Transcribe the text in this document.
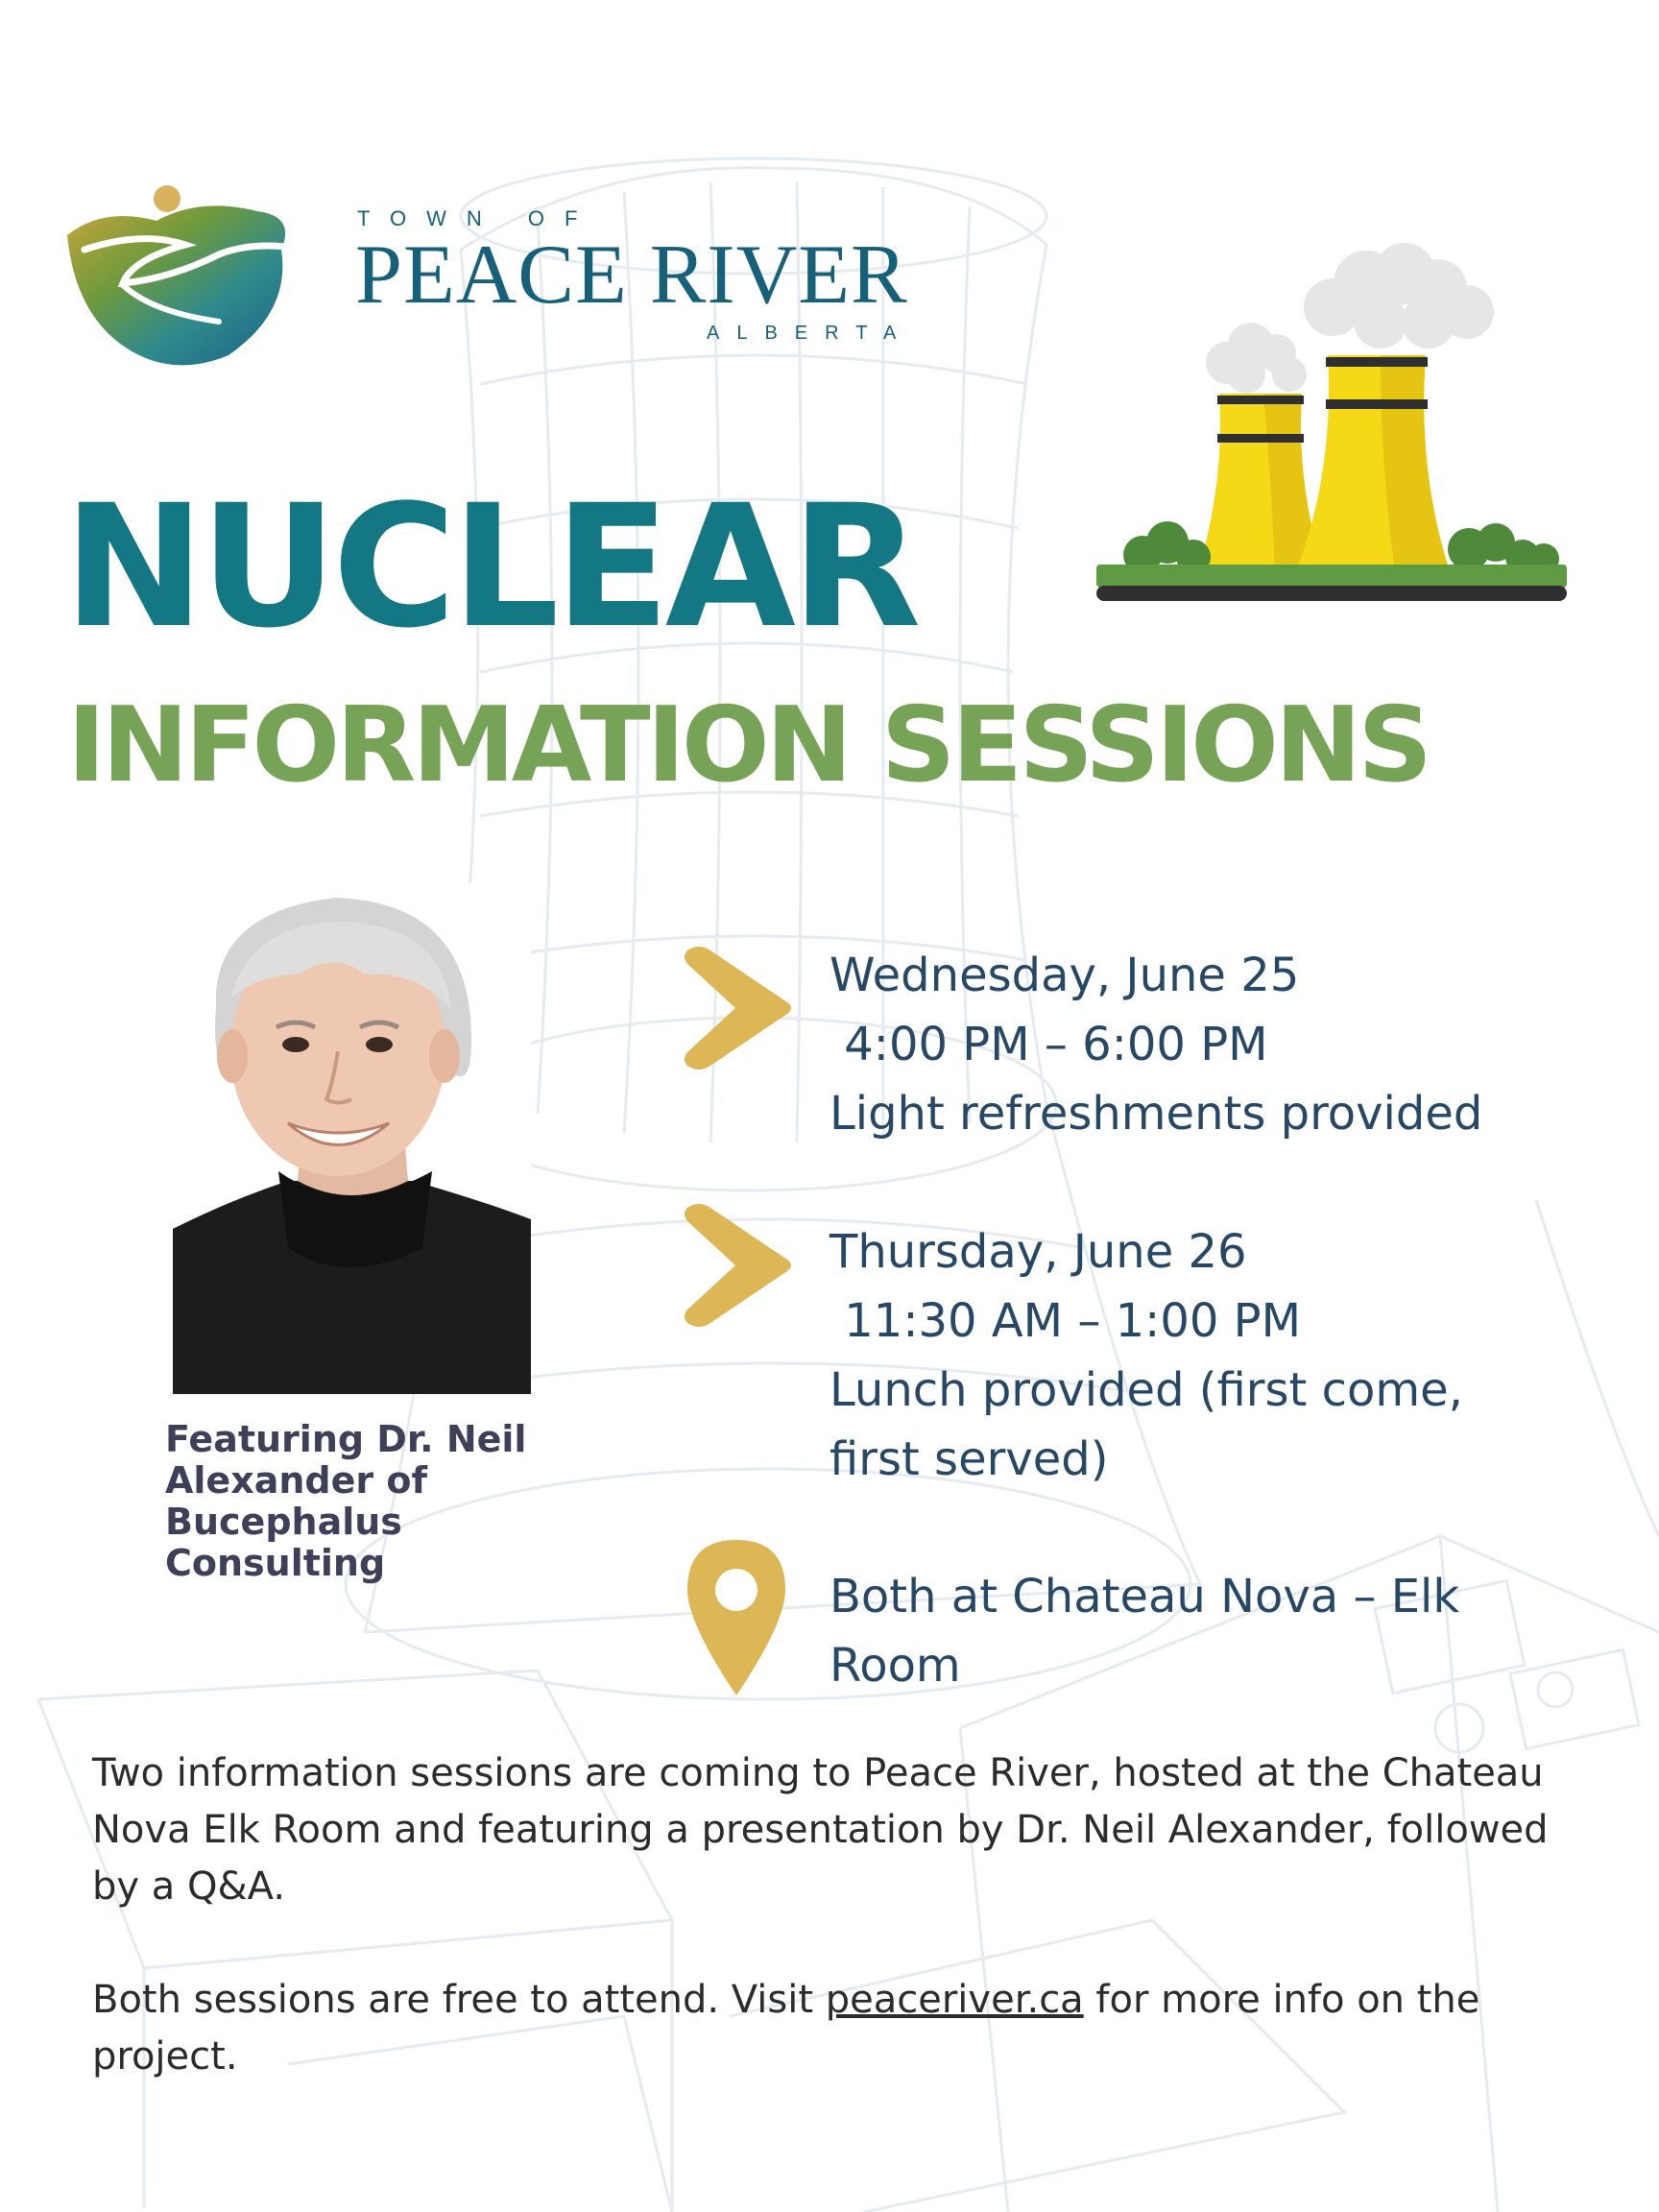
TOWN OF
PEACE RIVER
ALBERTA
NUCLEAR
INFORMATION SESSIONS
Featuring Dr. Neil
Alexander of
Bucephalus
Consulting
Wednesday, June 25
4:00 PM – 6:00 PM
Light refreshments provided
Thursday, June 26
11:30 AM – 1:00 PM
Lunch provided (first come,
first served)
Both at Chateau Nova – Elk
Room

Two information sessions are coming to Peace River, hosted at the Chateau Nova Elk Room and featuring a presentation by Dr. Neil Alexander, followed by a Q&A.

Both sessions are free to attend. Visit peaceriver.ca for more info on the project.
